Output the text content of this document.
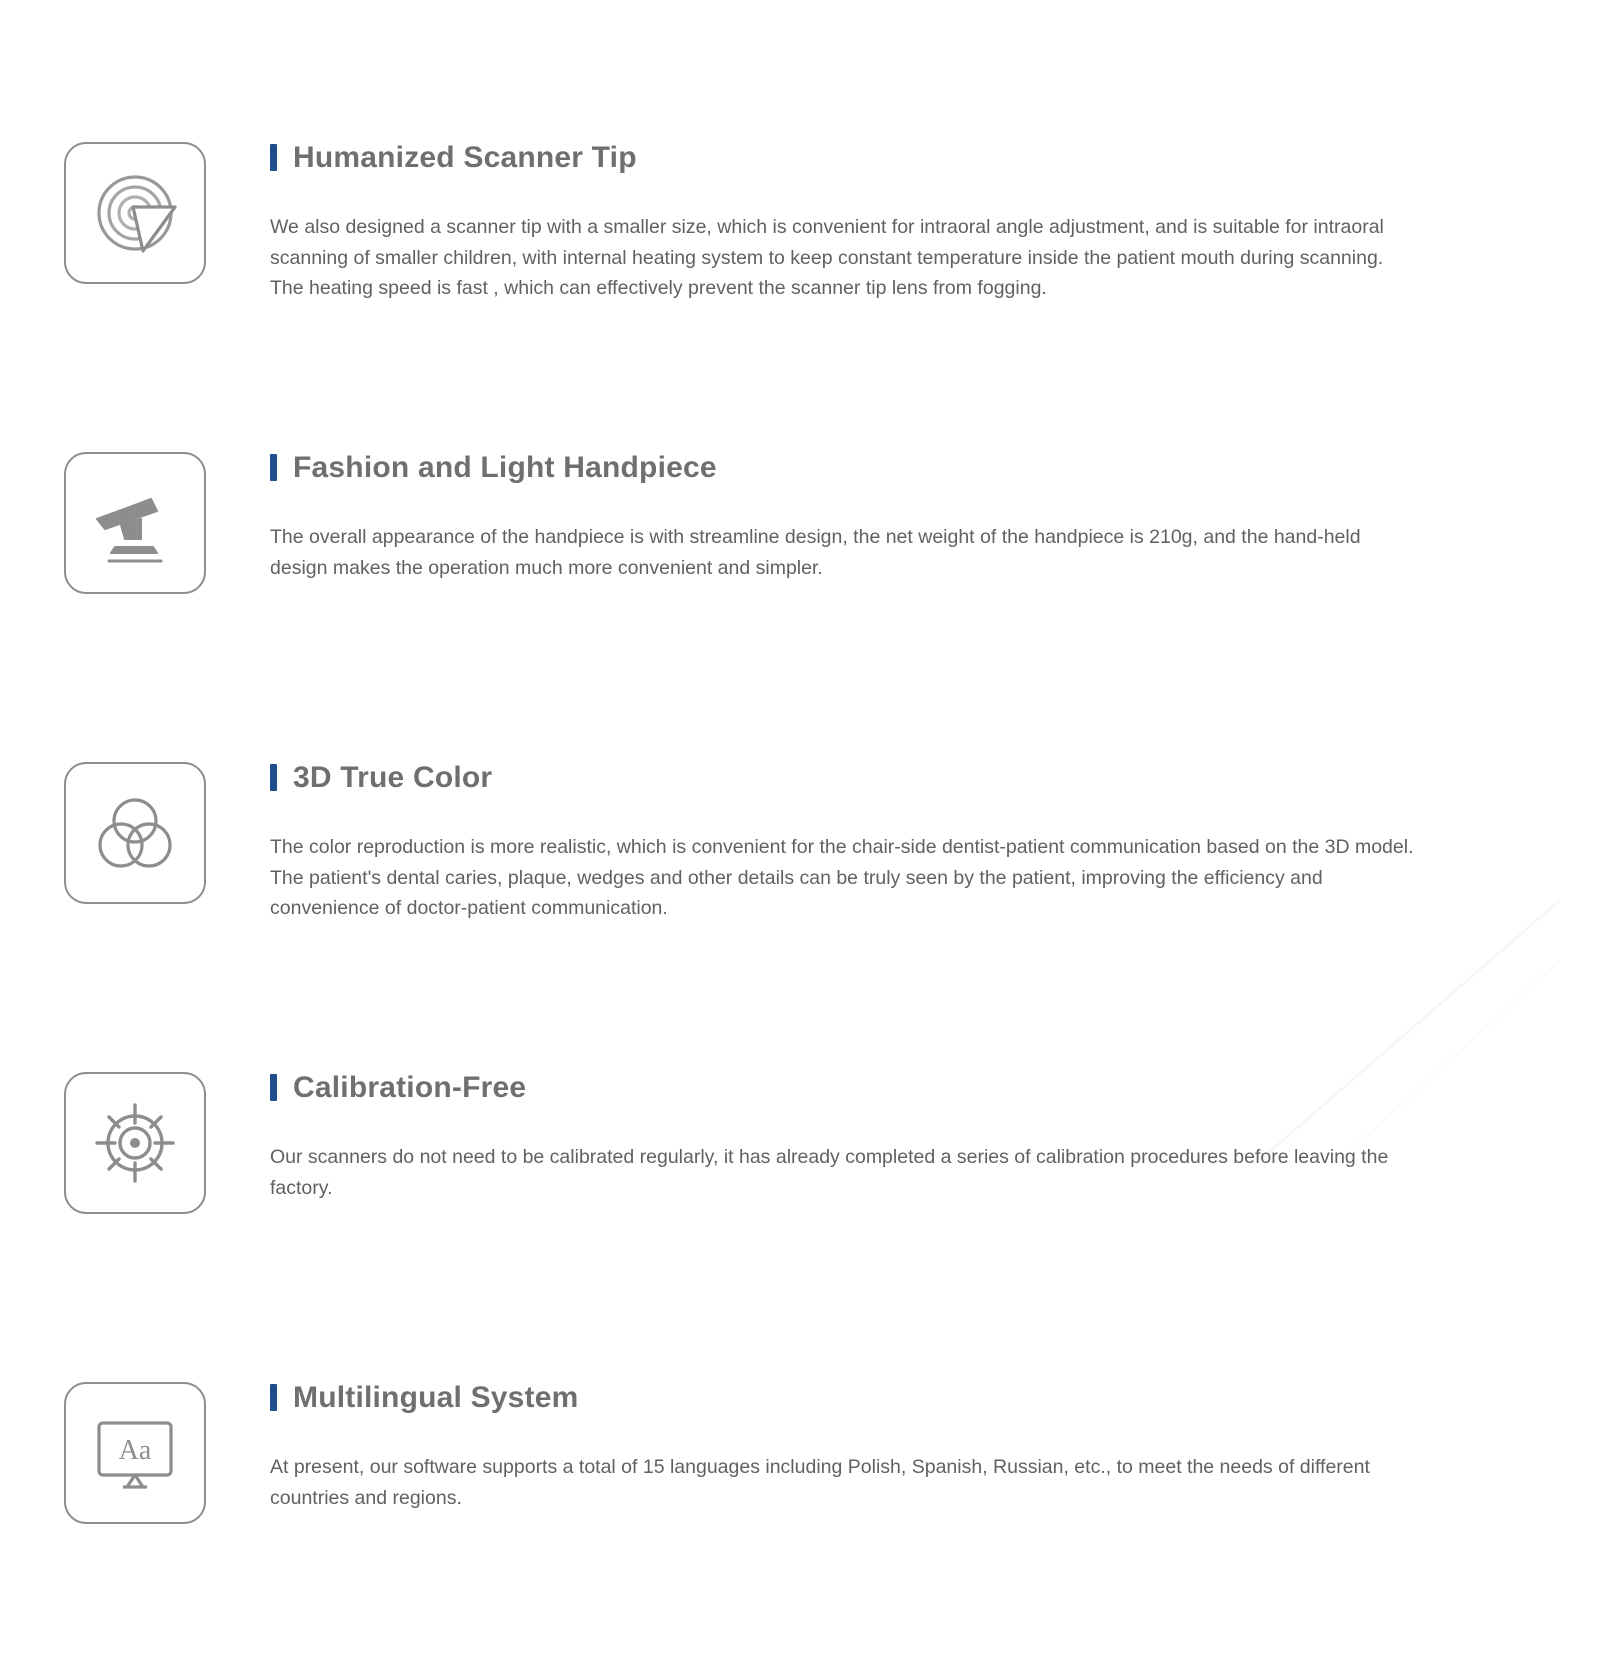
Humanized Scanner Tip

We also designed a scanner tip with a smaller size, which is convenient for intraoral angle adjustment, and is suitable for intraoral scanning of smaller children, with internal heating system to keep constant temperature inside the patient mouth during scanning. The heating speed is fast , which can effectively prevent the scanner tip lens from fogging.

Fashion and Light Handpiece

The overall appearance of the handpiece is with streamline design, the net weight of the handpiece is 210g, and the hand-held design makes the operation much more convenient and simpler.

3D True Color

The color reproduction is more realistic, which is convenient for the chair-side dentist-patient communication based on the 3D model. The patient's dental caries, plaque, wedges and other details can be truly seen by the patient, improving the efficiency and convenience of doctor-patient communication.

Calibration-Free

Our scanners do not need to be calibrated regularly, it has already completed a series of calibration procedures before leaving the factory.

Aa
Multilingual System

At present, our software supports a total of 15 languages including Polish, Spanish, Russian, etc., to meet the needs of different countries and regions.
